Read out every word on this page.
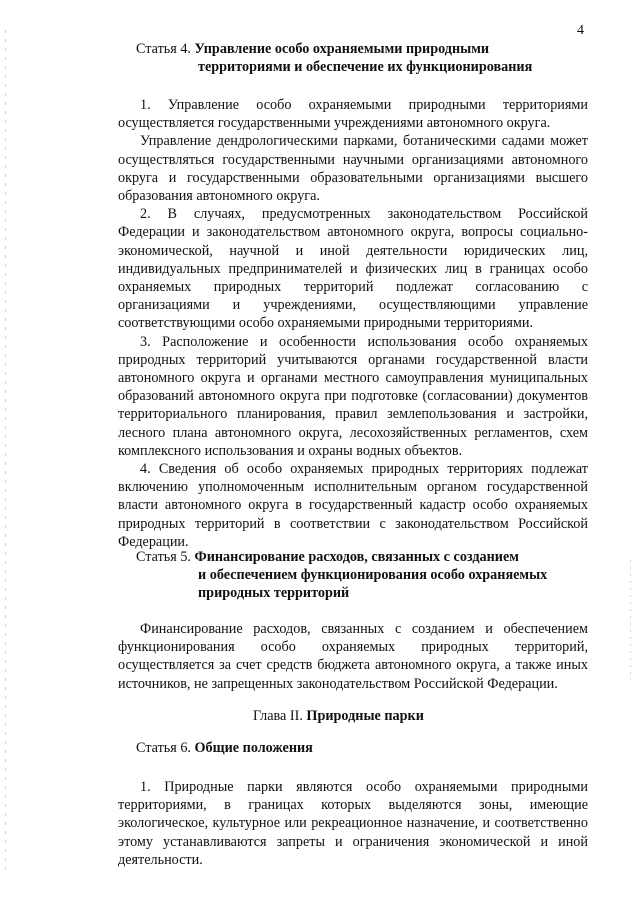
4
Статья 4. Управление особо охраняемыми природными
территориями и обеспечение их функционирования

1. Управление особо охраняемыми природными территориями осуществляется государственными учреждениями автономного округа.

Управление дендрологическими парками, ботаническими садами может осуществляться государственными научными организациями автономного округа и государственными образовательными организациями высшего образования автономного округа.

2. В случаях, предусмотренных законодательством Российской Федерации и законодательством автономного округа, вопросы социально-экономической, научной и иной деятельности юридических лиц, индивидуальных предпринимателей и физических лиц в границах особо охраняемых природных территорий подлежат согласованию с организациями и учреждениями, осуществляющими управление соответствующими особо охраняемыми природными территориями.

3. Расположение и особенности использования особо охраняемых природных территорий учитываются органами государственной власти автономного округа и органами местного самоуправления муниципальных образований автономного округа при подготовке (согласовании) документов территориального планирования, правил землепользования и застройки, лесного плана автономного округа, лесохозяйственных регламентов, схем комплексного использования и охраны водных объектов.

4. Сведения об особо охраняемых природных территориях подлежат включению уполномоченным исполнительным органом государственной власти автономного округа в государственный кадастр особо охраняемых природных территорий в соответствии с законодательством Российской Федерации.

Статья 5. Финансирование расходов, связанных с созданием
и обеспечением функционирования особо охраняемых
природных территорий

Финансирование расходов, связанных с созданием и обеспечением функционирования особо охраняемых природных территорий, осуществляется за счет средств бюджета автономного округа, а также иных источников, не запрещенных законодательством Российской Федерации.

Глава II. Природные парки
Статья 6. Общие положения

1. Природные парки являются особо охраняемыми природными территориями, в границах которых выделяются зоны, имеющие экологическое, культурное или рекреационное назначение, и соответственно этому устанавливаются запреты и ограничения экономической и иной деятельности.
